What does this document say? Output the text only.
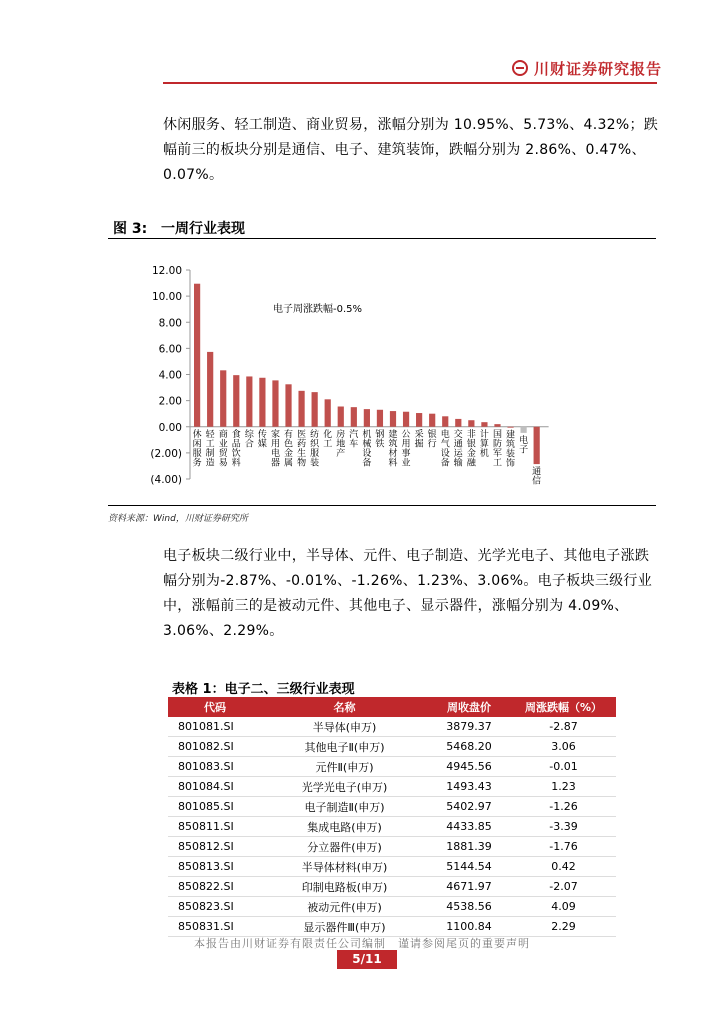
川财证券研究报告
休闲服务、轻工制造、商业贸易，涨幅分别为 10.95%、5.73%、4.32%；跌幅前三的板块分别是通信、电子、建筑装饰，跌幅分别为 2.86%、0.47%、0.07%。
图 3: 一周行业表现
12.00
10.00
8.00
6.00
4.00
2.00
0.00
(2.00)
(4.00)
休闲服务
轻工制造
商业贸易
食品饮料
综合
传媒
家用电器
有色金属
医药生物
纺织服装
化工
房地产
汽车
机械设备
钢铁
建筑材料
公用事业
采掘
银行
电气设备
交通运输
非银金融
计算机
国防军工
建筑装饰
电子
通信
电子周涨跌幅-0.5%
资料来源：Wind，川财证券研究所
电子板块二级行业中，半导体、元件、电子制造、光学光电子、其他电子涨跌幅分别为-2.87%、-0.01%、-1.26%、1.23%、3.06%。电子板块三级行业中，涨幅前三的是被动元件、其他电子、显示器件，涨幅分别为 4.09%、3.06%、2.29%。
表格 1：电子二、三级行业表现
代码	名称	周收盘价	周涨跌幅（%）
801081.SI	半导体(申万)	3879.37	-2.87
801082.SI	其他电子Ⅱ(申万)	5468.20	3.06
801083.SI	元件Ⅱ(申万)	4945.56	-0.01
801084.SI	光学光电子(申万)	1493.43	1.23
801085.SI	电子制造Ⅱ(申万)	5402.97	-1.26
850811.SI	集成电路(申万)	4433.85	-3.39
850812.SI	分立器件(申万)	1881.39	-1.76
850813.SI	半导体材料(申万)	5144.54	0.42
850822.SI	印制电路板(申万)	4671.97	-2.07
850823.SI	被动元件(申万)	4538.56	4.09
850831.SI	显示器件Ⅲ(申万)	1100.84	2.29
本报告由川财证券有限责任公司编制　谨请参阅尾页的重要声明
5/11
